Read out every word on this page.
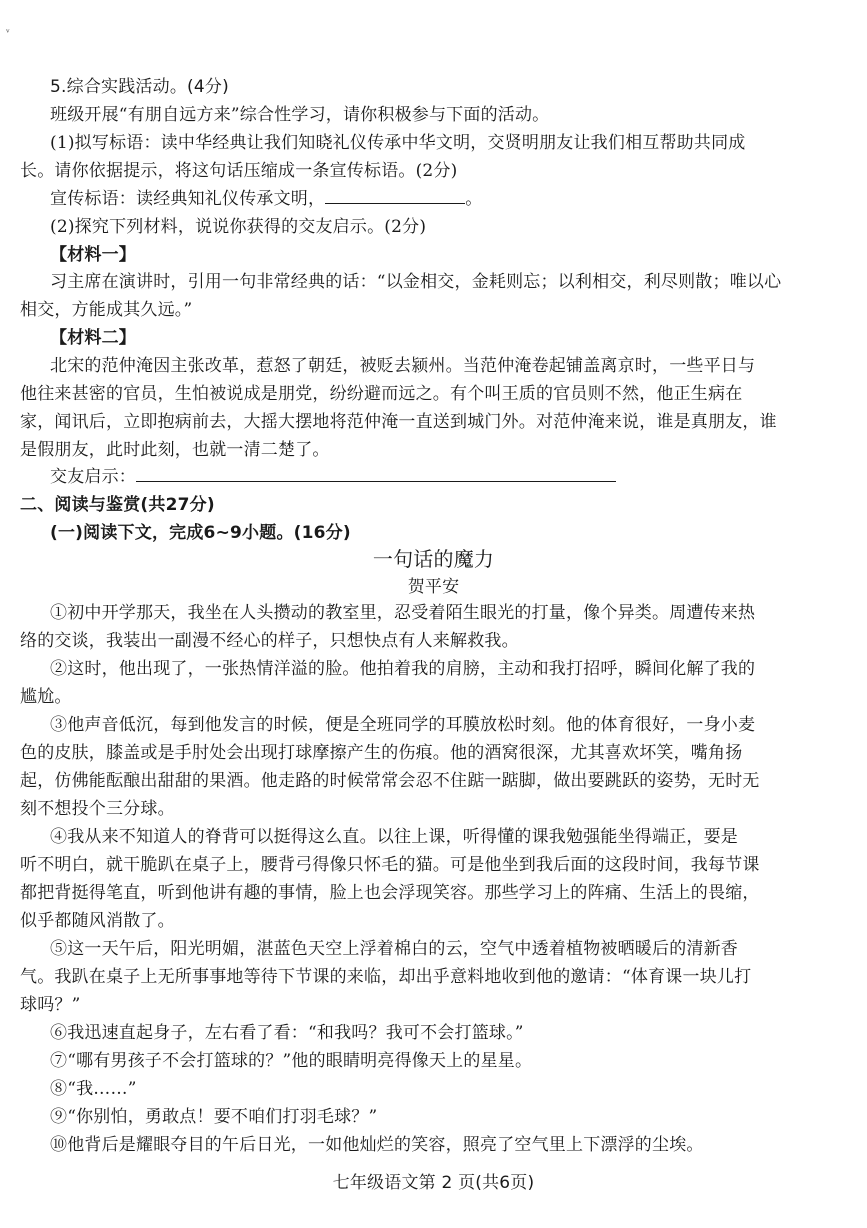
ᵛ
5.综合实践活动。(4分)
班级开展“有朋自远方来”综合性学习，请你积极参与下面的活动。
(1)拟写标语：读中华经典让我们知晓礼仪传承中华文明，交贤明朋友让我们相互帮助共同成
长。请你依据提示，将这句话压缩成一条宣传标语。(2分)
宣传标语：读经典知礼仪传承文明，	。
(2)探究下列材料，说说你获得的交友启示。(2分)
【材料一】
习主席在演讲时，引用一句非常经典的话：“以金相交，金耗则忘；以利相交，利尽则散；唯以心
相交，方能成其久远。”
【材料二】
北宋的范仲淹因主张改革，惹怒了朝廷，被贬去颍州。当范仲淹卷起铺盖离京时，一些平日与
他往来甚密的官员，生怕被说成是朋党，纷纷避而远之。有个叫王质的官员则不然，他正生病在
家，闻讯后，立即抱病前去，大摇大摆地将范仲淹一直送到城门外。对范仲淹来说，谁是真朋友，谁
是假朋友，此时此刻，也就一清二楚了。
交友启示：
二、阅读与鉴赏(共27分)
(一)阅读下文，完成6~9小题。(16分)
一句话的魔力
贺平安
①初中开学那天，我坐在人头攒动的教室里，忍受着陌生眼光的打量，像个异类。周遭传来热
络的交谈，我装出一副漫不经心的样子，只想快点有人来解救我。
②这时，他出现了，一张热情洋溢的脸。他拍着我的肩膀，主动和我打招呼，瞬间化解了我的
尴尬。
③他声音低沉，每到他发言的时候，便是全班同学的耳膜放松时刻。他的体育很好，一身小麦
色的皮肤，膝盖或是手肘处会出现打球摩擦产生的伤痕。他的酒窝很深，尤其喜欢坏笑，嘴角扬
起，仿佛能酝酿出甜甜的果酒。他走路的时候常常会忍不住踮一踮脚，做出要跳跃的姿势，无时无
刻不想投个三分球。
④我从来不知道人的脊背可以挺得这么直。以往上课，听得懂的课我勉强能坐得端正，要是
听不明白，就干脆趴在桌子上，腰背弓得像只怀毛的猫。可是他坐到我后面的这段时间，我每节课
都把背挺得笔直，听到他讲有趣的事情，脸上也会浮现笑容。那些学习上的阵痛、生活上的畏缩，
似乎都随风消散了。
⑤这一天午后，阳光明媚，湛蓝色天空上浮着棉白的云，空气中透着植物被晒暖后的清新香
气。我趴在桌子上无所事事地等待下节课的来临，却出乎意料地收到他的邀请：“体育课一块儿打
球吗？”
⑥我迅速直起身子，左右看了看：“和我吗？我可不会打篮球。”
⑦“哪有男孩子不会打篮球的？”他的眼睛明亮得像天上的星星。
⑧“我……”
⑨“你别怕，勇敢点！要不咱们打羽毛球？”
⑩他背后是耀眼夺目的午后日光，一如他灿烂的笑容，照亮了空气里上下漂浮的尘埃。
七年级语文第 2 页(共6页)
